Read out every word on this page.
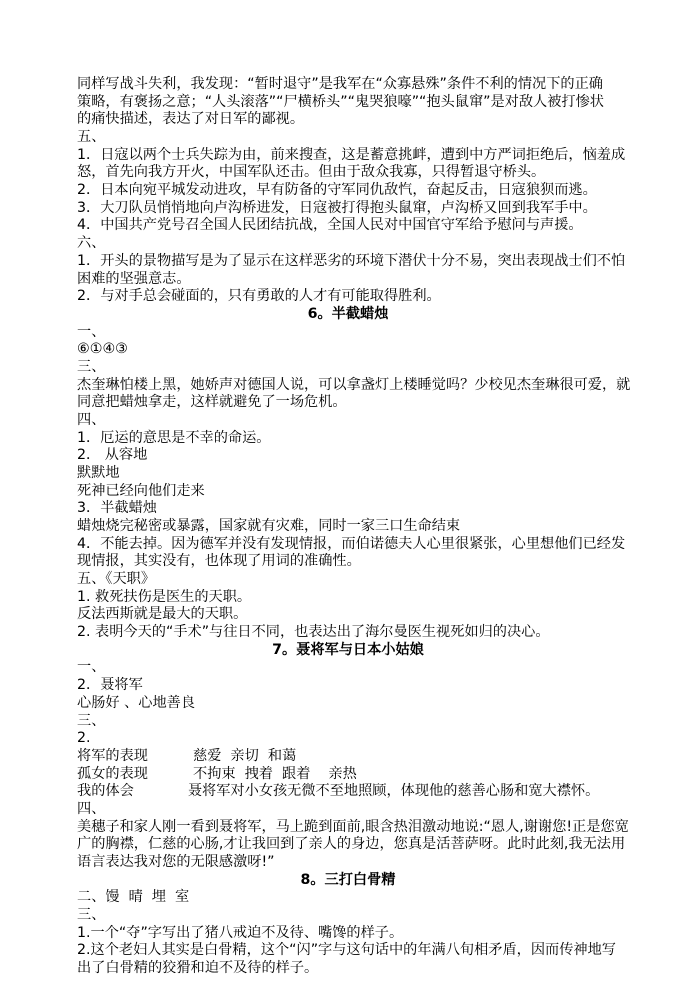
同样写战斗失利，我发现：“暂时退守”是我军在“众寡悬殊”条件不利的情况下的正确
策略，有褒扬之意；“人头滚落”“尸横桥头”“鬼哭狼嚎”“抱头鼠窜”是对敌人被打惨状
的痛快描述，表达了对日军的鄙视。
五、
1．日寇以两个士兵失踪为由，前来搜查，这是蓄意挑衅，遭到中方严词拒绝后，恼羞成
怒，首先向我方开火，中国军队还击。但由于敌众我寡，只得暂退守桥头。
2．日本向宛平城发动进攻，早有防备的守军同仇敌忾，奋起反击，日寇狼狈而逃。
3．大刀队员悄悄地向卢沟桥进发，日寇被打得抱头鼠窜，卢沟桥又回到我军手中。
4．中国共产党号召全国人民团结抗战，全国人民对中国官守军给予慰问与声援。
六、
1．开头的景物描写是为了显示在这样恶劣的环境下潜伏十分不易，突出表现战士们不怕
困难的坚强意志。
2．与对手总会碰面的，只有勇敢的人才有可能取得胜利。
6。半截蜡烛
一、
⑥①④③
三、
杰奎琳怕楼上黑，她娇声对德国人说，可以拿盏灯上楼睡觉吗？少校见杰奎琳很可爱，就
同意把蜡烛拿走，这样就避免了一场危机。
四、
1．厄运的意思是不幸的命运。
2． 从容地
默默地
死神已经向他们走来
3．半截蜡烛
蜡烛烧完秘密或暴露，国家就有灾难，同时一家三口生命结束
4．不能去掉。因为德军并没有发现情报，而伯诺德夫人心里很紧张，心里想他们已经发
现情报，其实没有，也体现了用词的准确性。
五、《天职》
1. 救死扶伤是医生的天职。
反法西斯就是最大的天职。
2. 表明今天的“手术”与往日不同，也表达出了海尔曼医生视死如归的决心。
7。聂将军与日本小姑娘
一、
2．聂将军
心肠好 、心地善良
三、
2.
将军的表现          慈爱  亲切  和蔼
孤女的表现          不拘束  拽着  跟着    亲热
我的体会            聂将军对小女孩无微不至地照顾，体现他的慈善心肠和宽大襟怀。
四、
美穗子和家人刚一看到聂将军，马上跪到面前,眼含热泪激动地说:“恩人,谢谢您!正是您宽
广的胸襟，仁慈的心肠,才让我回到了亲人的身边，您真是活菩萨呀。此时此刻,我无法用
语言表达我对您的无限感激呀!”
8。三打白骨精
二、馒  晴  埋  室
三、
1.一个“夺”字写出了猪八戒迫不及待、嘴馋的样子。
2.这个老妇人其实是白骨精，这个“闪”字与这句话中的年满八旬相矛盾，因而传神地写
出了白骨精的狡猾和迫不及待的样子。
